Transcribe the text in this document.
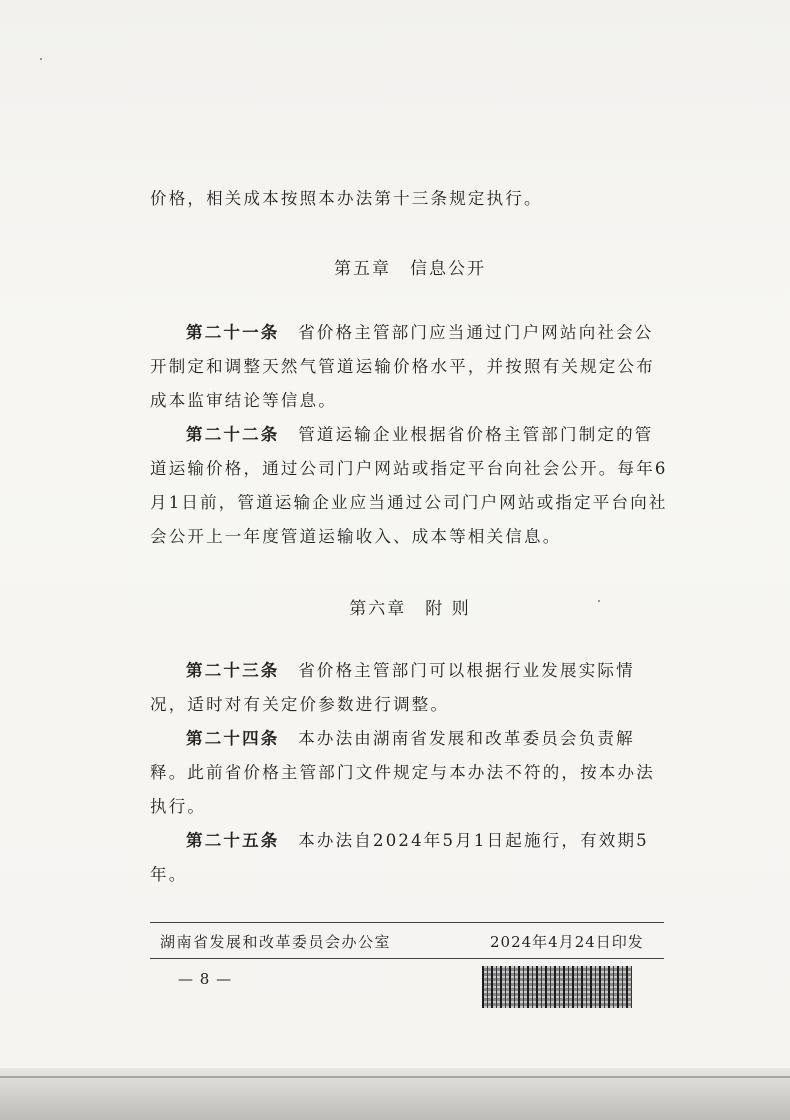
价格，相关成本按照本办法第十三条规定执行。

第五章　信息公开

第二十一条　省价格主管部门应当通过门户网站向社会公开制定和调整天然气管道运输价格水平，并按照有关规定公布成本监审结论等信息。

第二十二条　管道运输企业根据省价格主管部门制定的管道运输价格，通过公司门户网站或指定平台向社会公开。每年6月1日前，管道运输企业应当通过公司门户网站或指定平台向社会公开上一年度管道运输收入、成本等相关信息。

第六章　附 则

第二十三条　省价格主管部门可以根据行业发展实际情况，适时对有关定价参数进行调整。

第二十四条　本办法由湖南省发展和改革委员会负责解释。此前省价格主管部门文件规定与本办法不符的，按本办法执行。

第二十五条　本办法自2024年5月1日起施行，有效期5年。

湖南省发展和改革委员会办公室	2024年4月24日印发
— 8 —
